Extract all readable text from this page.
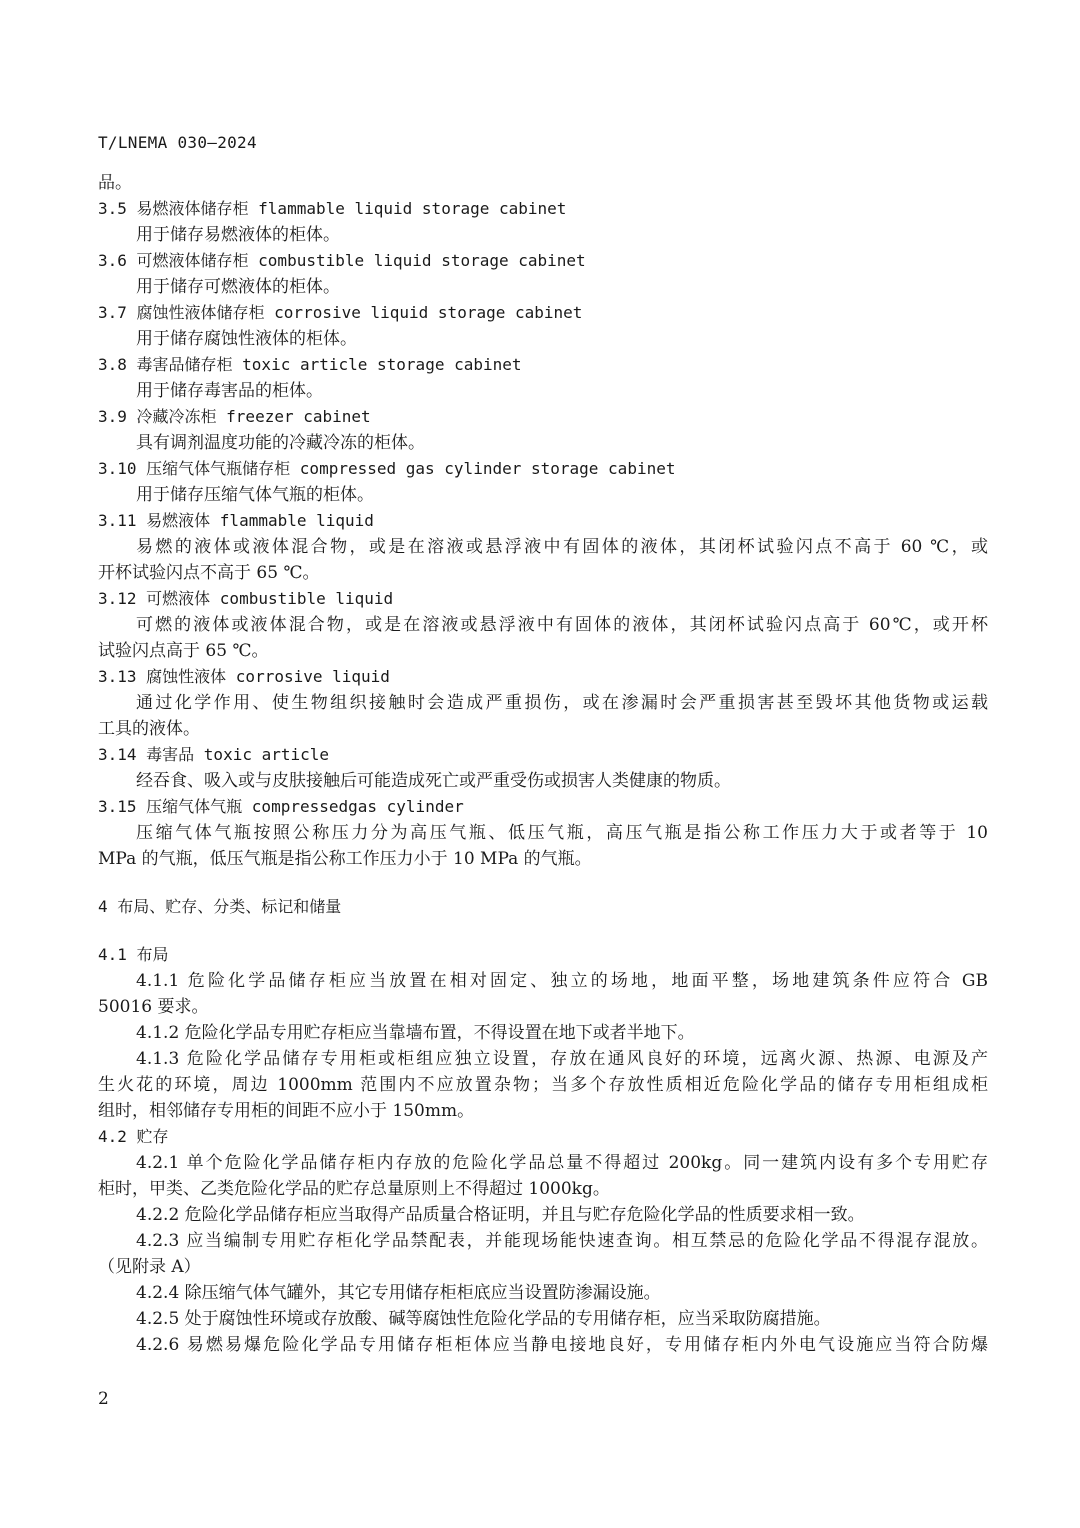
T/LNEMA 030—2024
品。
3.5 易燃液体储存柜 flammable liquid storage cabinet
用于储存易燃液体的柜体。
3.6 可燃液体储存柜 combustible liquid storage cabinet
用于储存可燃液体的柜体。
3.7 腐蚀性液体储存柜 corrosive liquid storage cabinet
用于储存腐蚀性液体的柜体。
3.8 毒害品储存柜 toxic article storage cabinet
用于储存毒害品的柜体。
3.9 冷藏冷冻柜 freezer cabinet
具有调剂温度功能的冷藏冷冻的柜体。
3.10 压缩气体气瓶储存柜 compressed gas cylinder storage cabinet
用于储存压缩气体气瓶的柜体。
3.11 易燃液体 flammable liquid
易燃的液体或液体混合物，或是在溶液或悬浮液中有固体的液体，其闭杯试验闪点不高于 60 ℃，或
开杯试验闪点不高于 65 ℃。
3.12 可燃液体 combustible liquid
可燃的液体或液体混合物，或是在溶液或悬浮液中有固体的液体，其闭杯试验闪点高于 60℃，或开杯
试验闪点高于 65 ℃。
3.13 腐蚀性液体 corrosive liquid
通过化学作用、使生物组织接触时会造成严重损伤，或在渗漏时会严重损害甚至毁坏其他货物或运载
工具的液体。
3.14 毒害品 toxic article
经吞食、吸入或与皮肤接触后可能造成死亡或严重受伤或损害人类健康的物质。
3.15 压缩气体气瓶 compressedgas cylinder
压缩气体气瓶按照公称压力分为高压气瓶、低压气瓶，高压气瓶是指公称工作压力大于或者等于 10
MPa 的气瓶，低压气瓶是指公称工作压力小于 10 MPa 的气瓶。
4 布局、贮存、分类、标记和储量
4.1 布局
4.1.1 危险化学品储存柜应当放置在相对固定、独立的场地，地面平整，场地建筑条件应符合 GB
50016 要求。
4.1.2 危险化学品专用贮存柜应当靠墙布置，不得设置在地下或者半地下。
4.1.3 危险化学品储存专用柜或柜组应独立设置，存放在通风良好的环境，远离火源、热源、电源及产
生火花的环境，周边 1000mm 范围内不应放置杂物；当多个存放性质相近危险化学品的储存专用柜组成柜
组时，相邻储存专用柜的间距不应小于 150mm。
4.2 贮存
4.2.1 单个危险化学品储存柜内存放的危险化学品总量不得超过 200kg。同一建筑内设有多个专用贮存
柜时，甲类、乙类危险化学品的贮存总量原则上不得超过 1000kg。
4.2.2 危险化学品储存柜应当取得产品质量合格证明，并且与贮存危险化学品的性质要求相一致。
4.2.3 应当编制专用贮存柜化学品禁配表，并能现场能快速查询。相互禁忌的危险化学品不得混存混放。
（见附录 A）
4.2.4 除压缩气体气罐外，其它专用储存柜柜底应当设置防渗漏设施。
4.2.5 处于腐蚀性环境或存放酸、碱等腐蚀性危险化学品的专用储存柜，应当采取防腐措施。
4.2.6 易燃易爆危险化学品专用储存柜柜体应当静电接地良好，专用储存柜内外电气设施应当符合防爆
2
